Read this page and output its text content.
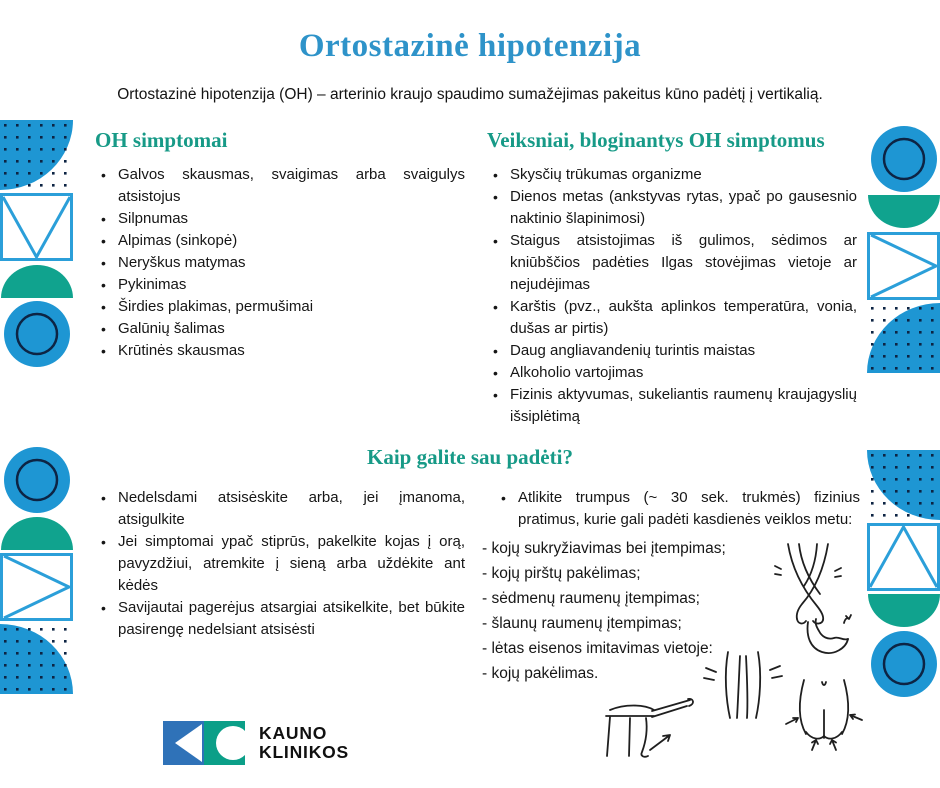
Ortostazinė hipotenzija
Ortostazinė hipotenzija (OH) – arterinio kraujo spaudimo sumažėjimas pakeitus kūno padėtį į vertikalią.
OH simptomai
• Galvos skausmas, svaigimas arba svaigulys atsistojus
• Silpnumas
• Alpimas (sinkopė)
• Neryškus matymas
• Pykinimas
• Širdies plakimas, permušimai
• Galūnių šalimas
• Krūtinės skausmas
Veiksniai, bloginantys OH simptomus
• Skysčių trūkumas organizme
• Dienos metas (ankstyvas rytas, ypač po gausesnio naktinio šlapinimosi)
• Staigus atsistojimas iš gulimos, sėdimos ar kniūbščios padėties Ilgas stovėjimas vietoje ar nejudėjimas
• Karštis (pvz., aukšta aplinkos temperatūra, vonia, dušas ar pirtis)
• Daug angliavandenių turintis maistas
• Alkoholio vartojimas
• Fizinis aktyvumas, sukeliantis raumenų kraujagyslių išsiplėtimą
Kaip galite sau padėti?
• Nedelsdami atsisėskite arba, jei įmanoma, atsigulkite
• Jei simptomai ypač stiprūs, pakelkite kojas į orą, pavyzdžiui, atremkite į sieną arba uždėkite ant kėdės
• Savijautai pagerėjus atsargiai atsikelkite, bet būkite pasirengę nedelsiant atsisėsti
• Atlikite trumpus (~ 30 sek. trukmės) fizinius pratimus, kurie gali padėti kasdienės veiklos metu:
- kojų sukryžiavimas bei įtempimas;
- kojų pirštų pakėlimas;
- sėdmenų raumenų įtempimas;
- šlaunų raumenų įtempimas;
- lėtas eisenos imitavimas vietoje:
- kojų pakėlimas.
KAUNO
KLINIKOS
